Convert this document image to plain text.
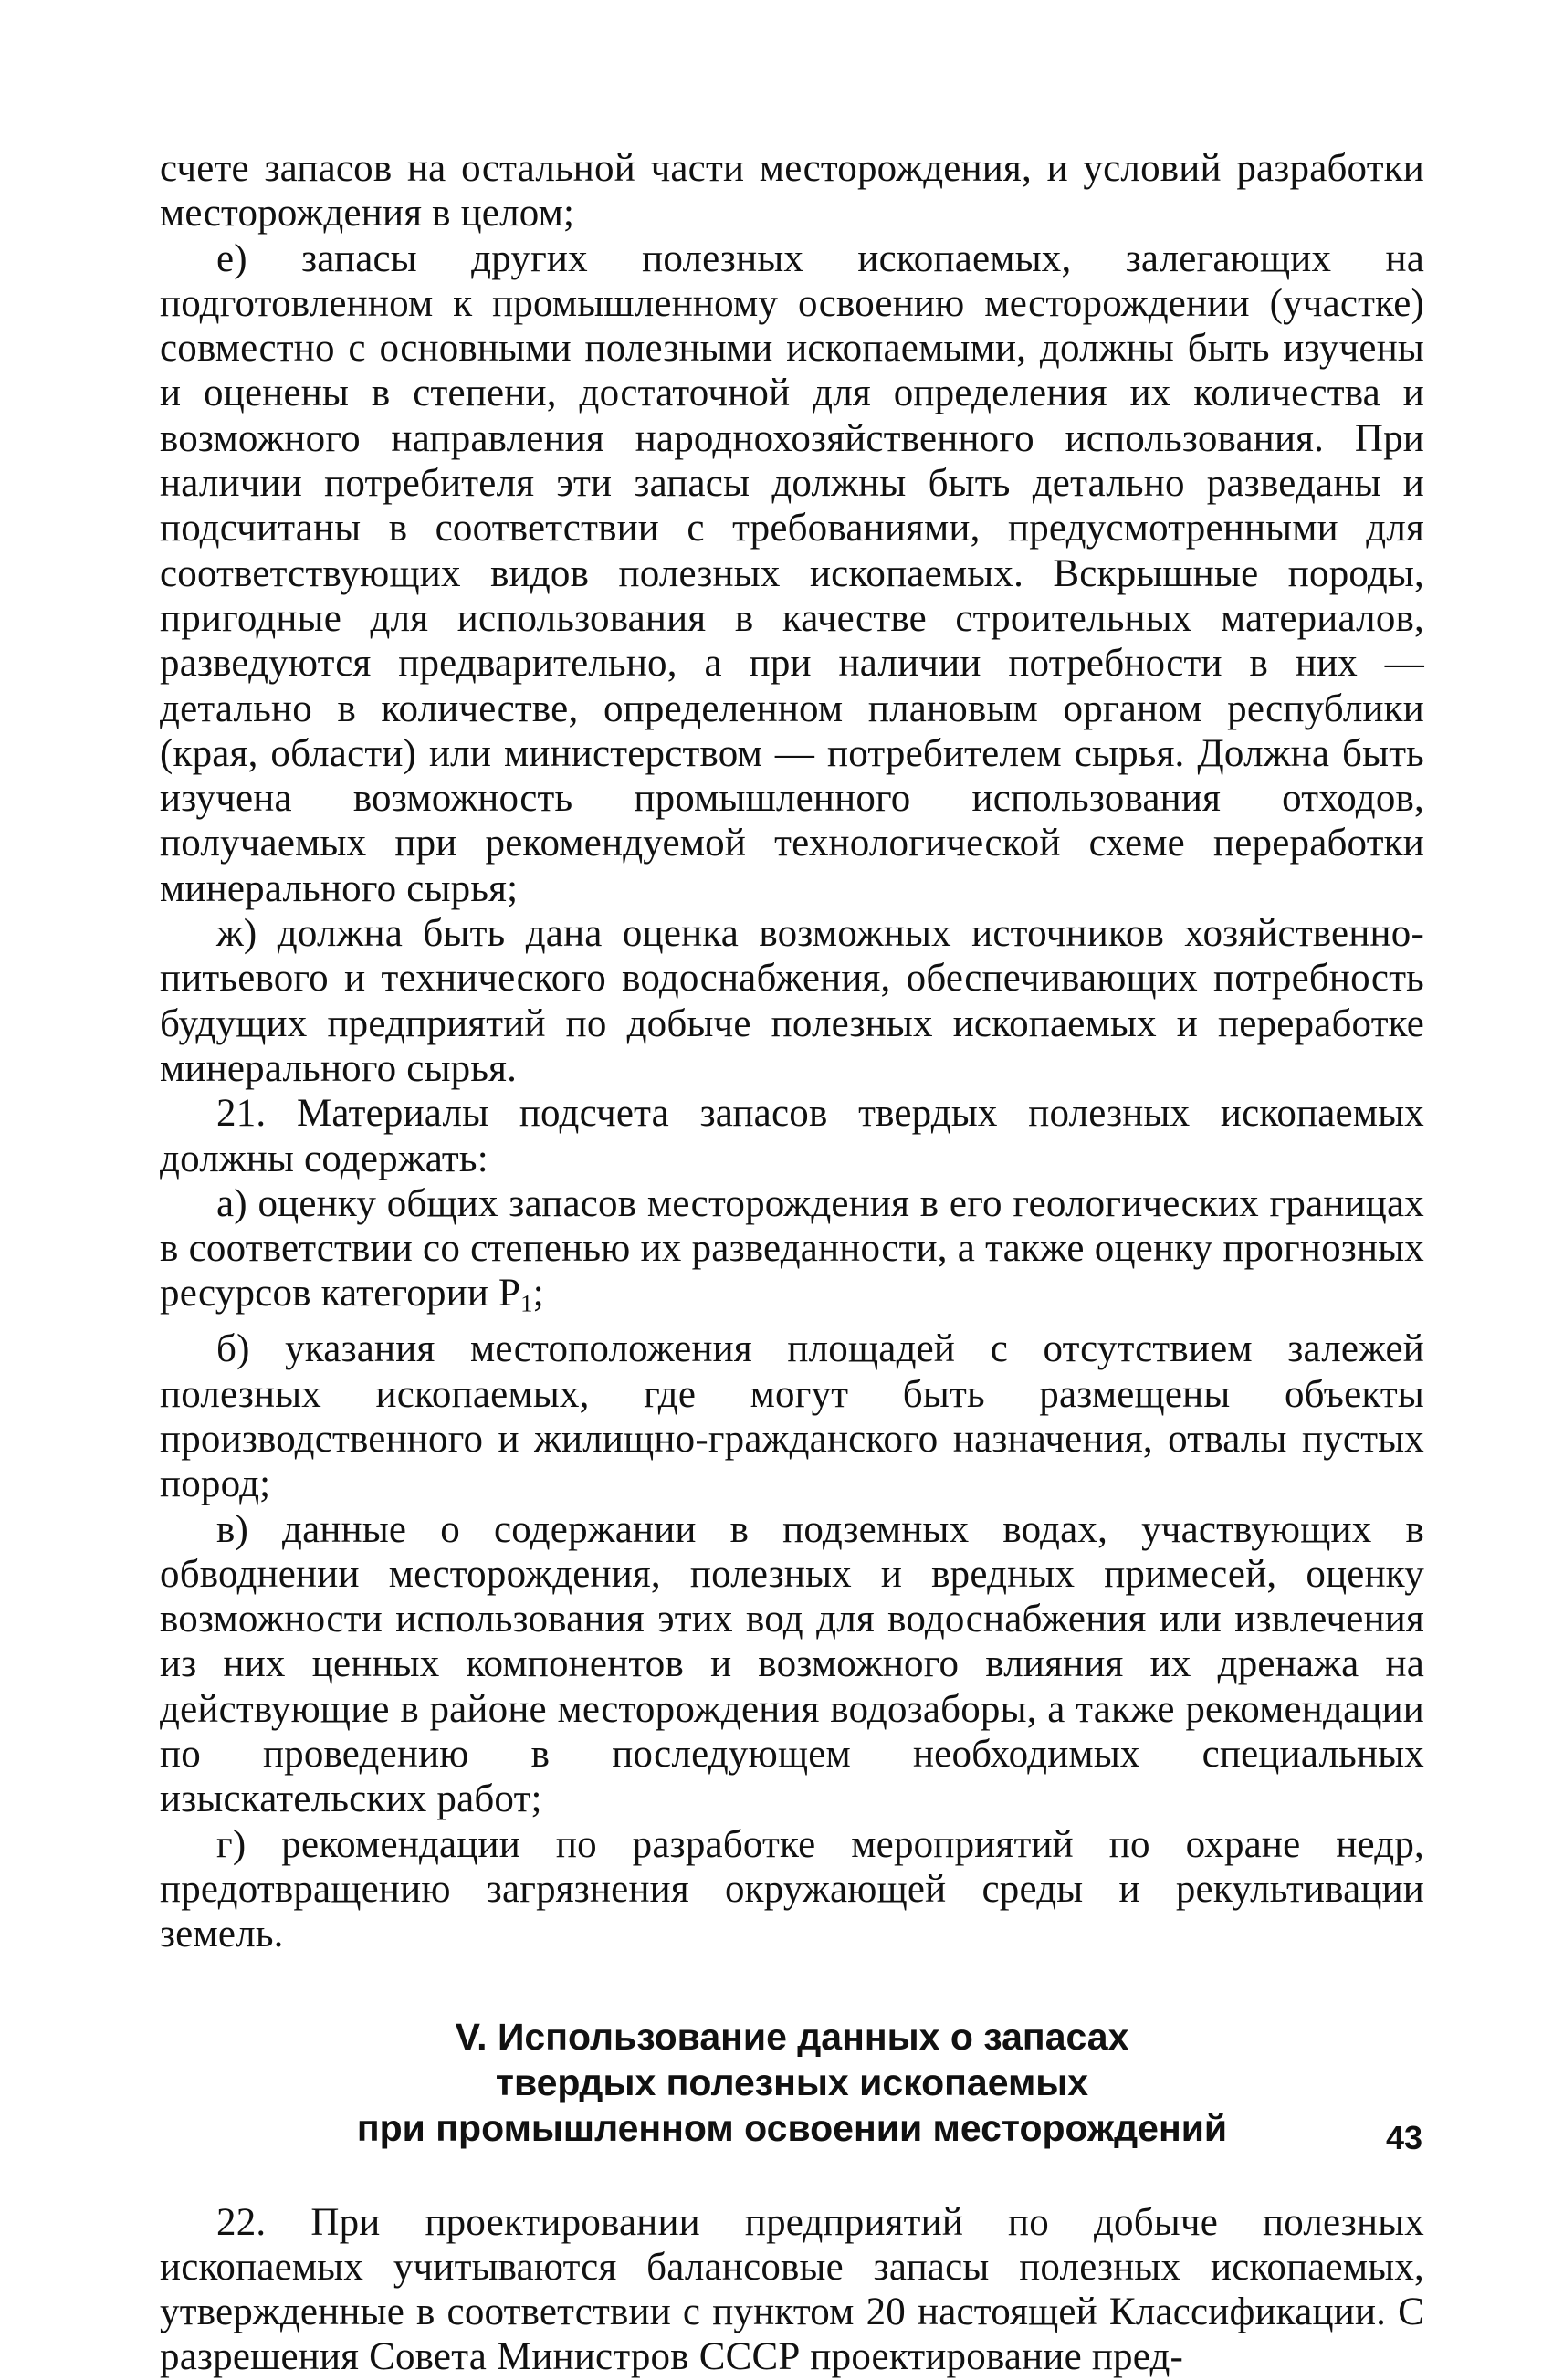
счете запасов на остальной части месторождения, и условий разработки месторождения в целом;

е) запасы других полезных ископаемых, залегающих на подготовленном к промышленному освоению месторождении (участке) совместно с основными полезными ископаемыми, должны быть изучены и оценены в степени, достаточной для определения их количества и возможного направления народнохозяйственного использования. При наличии потребителя эти запасы должны быть детально разведаны и подсчитаны в соответствии с требованиями, предусмотренными для соответствующих видов полезных ископаемых. Вскрышные породы, пригодные для использования в качестве строительных материалов, разведуются предварительно, а при наличии потребности в них — детально в количестве, определенном плановым органом республики (края, области) или министерством — потребителем сырья. Должна быть изучена возможность промышленного использования отходов, получаемых при рекомендуемой технологической схеме переработки минерального сырья;

ж) должна быть дана оценка возможных источников хозяйственно-питьевого и технического водоснабжения, обеспечивающих потребность будущих предприятий по добыче полезных ископаемых и переработке минерального сырья.

21. Материалы подсчета запасов твердых полезных ископаемых должны содержать:

а) оценку общих запасов месторождения в его геологических границах в соответствии со степенью их разведанности, а также оценку прогнозных ресурсов категории $P_1$;

б) указания местоположения площадей с отсутствием залежей полезных ископаемых, где могут быть размещены объекты производственного и жилищно-гражданского назначения, отвалы пустых пород;

в) данные о содержании в подземных водах, участвующих в обводнении месторождения, полезных и вредных примесей, оценку возможности использования этих вод для водоснабжения или извлечения из них ценных компонентов и возможного влияния их дренажа на действующие в районе месторождения водозаборы, а также рекомендации по проведению в последующем необходимых специальных изыскательских работ;

г) рекомендации по разработке мероприятий по охране недр, предотвращению загрязнения окружающей среды и рекультивации земель.

V. Использование данных о запасах
твердых полезных ископаемых
при промышленном освоении месторождений

22. При проектировании предприятий по добыче полезных ископаемых учитываются балансовые запасы полезных ископаемых, утвержденные в соответствии с пунктом 20 настоящей Классификации. С разрешения Совета Министров СССР проектирование пред-

43
